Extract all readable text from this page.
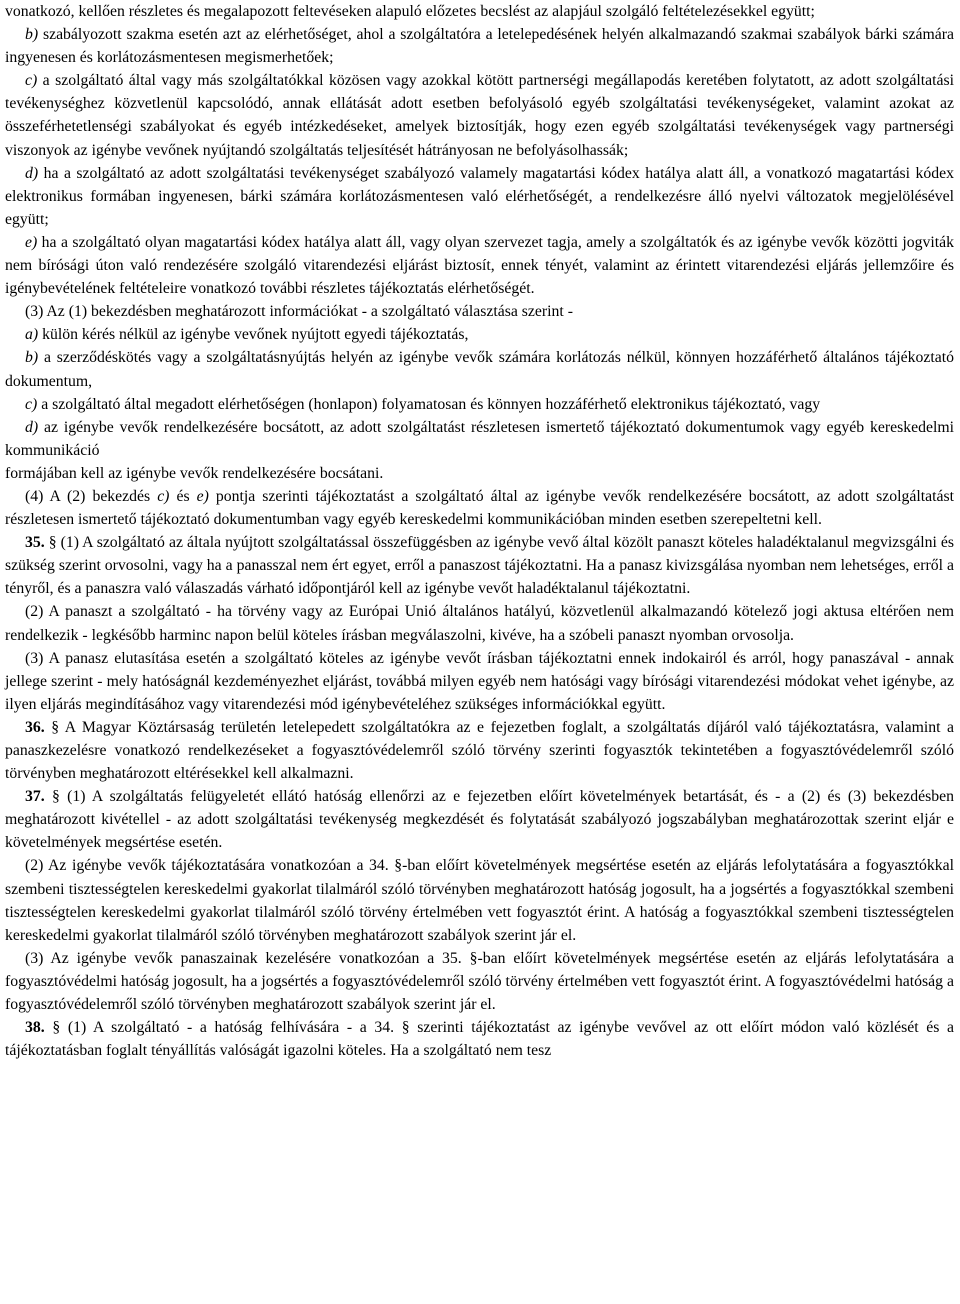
vonatkozó, kellően részletes és megalapozott feltevéseken alapuló előzetes becslést az alapjául szolgáló feltételezésekkel együtt;

b) szabályozott szakma esetén azt az elérhetőséget, ahol a szolgáltatóra a letelepedésének helyén alkalmazandó szakmai szabályok bárki számára ingyenesen és korlátozásmentesen megismerhetőek;

c) a szolgáltató által vagy más szolgáltatókkal közösen vagy azokkal kötött partnerségi megállapodás keretében folytatott, az adott szolgáltatási tevékenységhez közvetlenül kapcsolódó, annak ellátását adott esetben befolyásoló egyéb szolgáltatási tevékenységeket, valamint azokat az összeférhetetlenségi szabályokat és egyéb intézkedéseket, amelyek biztosítják, hogy ezen egyéb szolgáltatási tevékenységek vagy partnerségi viszonyok az igénybe vevőnek nyújtandó szolgáltatás teljesítését hátrányosan ne befolyásolhassák;

d) ha a szolgáltató az adott szolgáltatási tevékenységet szabályozó valamely magatartási kódex hatálya alatt áll, a vonatkozó magatartási kódex elektronikus formában ingyenesen, bárki számára korlátozásmentesen való elérhetőségét, a rendelkezésre álló nyelvi változatok megjelölésével együtt;

e) ha a szolgáltató olyan magatartási kódex hatálya alatt áll, vagy olyan szervezet tagja, amely a szolgáltatók és az igénybe vevők közötti jogviták nem bírósági úton való rendezésére szolgáló vitarendezési eljárást biztosít, ennek tényét, valamint az érintett vitarendezési eljárás jellemzőire és igénybevételének feltételeire vonatkozó további részletes tájékoztatás elérhetőségét.

(3) Az (1) bekezdésben meghatározott információkat - a szolgáltató választása szerint -

a) külön kérés nélkül az igénybe vevőnek nyújtott egyedi tájékoztatás,

b) a szerződéskötés vagy a szolgáltatásnyújtás helyén az igénybe vevők számára korlátozás nélkül, könnyen hozzáférhető általános tájékoztató dokumentum,

c) a szolgáltató által megadott elérhetőségen (honlapon) folyamatosan és könnyen hozzáférhető elektronikus tájékoztató, vagy

d) az igénybe vevők rendelkezésére bocsátott, az adott szolgáltatást részletesen ismertető tájékoztató dokumentumok vagy egyéb kereskedelmi kommunikáció

formájában kell az igénybe vevők rendelkezésére bocsátani.

(4) A (2) bekezdés c) és e) pontja szerinti tájékoztatást a szolgáltató által az igénybe vevők rendelkezésére bocsátott, az adott szolgáltatást részletesen ismertető tájékoztató dokumentumban vagy egyéb kereskedelmi kommunikációban minden esetben szerepeltetni kell.

35. § (1) A szolgáltató az általa nyújtott szolgáltatással összefüggésben az igénybe vevő által közölt panaszt köteles haladéktalanul megvizsgálni és szükség szerint orvosolni, vagy ha a panasszal nem ért egyet, erről a panaszost tájékoztatni. Ha a panasz kivizsgálása nyomban nem lehetséges, erről a tényről, és a panaszra való válaszadás várható időpontjáról kell az igénybe vevőt haladéktalanul tájékoztatni.

(2) A panaszt a szolgáltató - ha törvény vagy az Európai Unió általános hatályú, közvetlenül alkalmazandó kötelező jogi aktusa eltérően nem rendelkezik - legkésőbb harminc napon belül köteles írásban megválaszolni, kivéve, ha a szóbeli panaszt nyomban orvosolja.

(3) A panasz elutasítása esetén a szolgáltató köteles az igénybe vevőt írásban tájékoztatni ennek indokairól és arról, hogy panaszával - annak jellege szerint - mely hatóságnál kezdeményezhet eljárást, továbbá milyen egyéb nem hatósági vagy bírósági vitarendezési módokat vehet igénybe, az ilyen eljárás megindításához vagy vitarendezési mód igénybevételéhez szükséges információkkal együtt.

36. § A Magyar Köztársaság területén letelepedett szolgáltatókra az e fejezetben foglalt, a szolgáltatás díjáról való tájékoztatásra, valamint a panaszkezelésre vonatkozó rendelkezéseket a fogyasztóvédelemről szóló törvény szerinti fogyasztók tekintetében a fogyasztóvédelemről szóló törvényben meghatározott eltérésekkel kell alkalmazni.

37. § (1) A szolgáltatás felügyeletét ellátó hatóság ellenőrzi az e fejezetben előírt követelmények betartását, és - a (2) és (3) bekezdésben meghatározott kivétellel - az adott szolgáltatási tevékenység megkezdését és folytatását szabályozó jogszabályban meghatározottak szerint eljár e követelmények megsértése esetén.

(2) Az igénybe vevők tájékoztatására vonatkozóan a 34. §-ban előírt követelmények megsértése esetén az eljárás lefolytatására a fogyasztókkal szembeni tisztességtelen kereskedelmi gyakorlat tilalmáról szóló törvényben meghatározott hatóság jogosult, ha a jogsértés a fogyasztókkal szembeni tisztességtelen kereskedelmi gyakorlat tilalmáról szóló törvény értelmében vett fogyasztót érint. A hatóság a fogyasztókkal szembeni tisztességtelen kereskedelmi gyakorlat tilalmáról szóló törvényben meghatározott szabályok szerint jár el.

(3) Az igénybe vevők panaszainak kezelésére vonatkozóan a 35. §-ban előírt követelmények megsértése esetén az eljárás lefolytatására a fogyasztóvédelmi hatóság jogosult, ha a jogsértés a fogyasztóvédelemről szóló törvény értelmében vett fogyasztót érint. A fogyasztóvédelmi hatóság a fogyasztóvédelemről szóló törvényben meghatározott szabályok szerint jár el.

38. § (1) A szolgáltató - a hatóság felhívására - a 34. § szerinti tájékoztatást az igénybe vevővel az ott előírt módon való közlését és a tájékoztatásban foglalt tényállítás valóságát igazolni köteles. Ha a szolgáltató nem tesz
